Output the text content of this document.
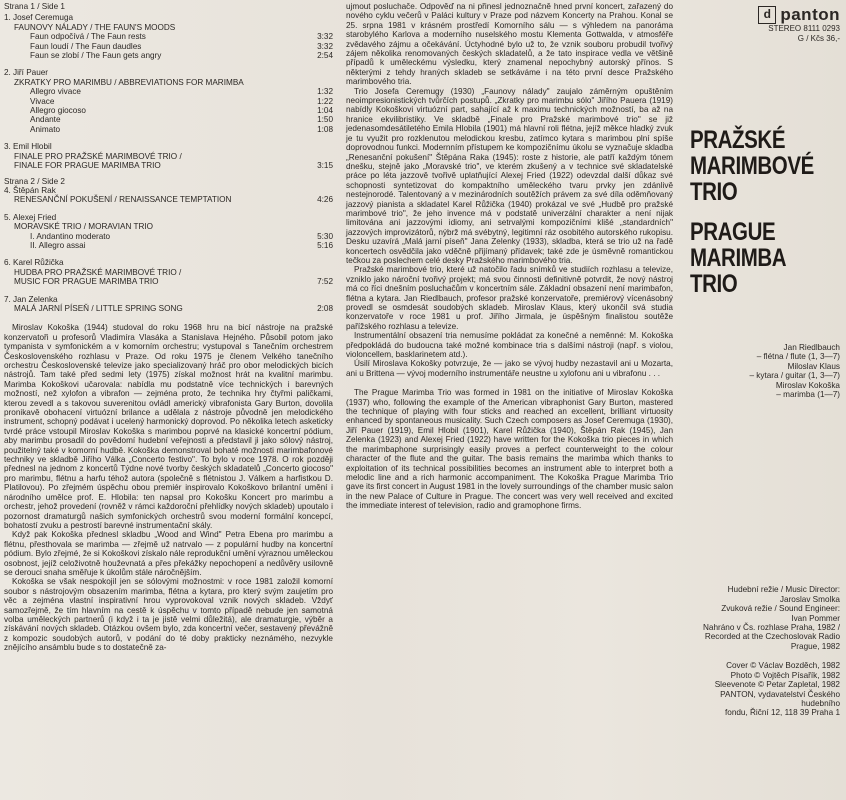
Strana 1 / Side 1
1. Josef Ceremuga
FAUNOVY NÁLADY / THE FAUN'S MOODS
Faun odpočívá / The Faun rests	3:32
Faun loudí / The Faun daudles	3:32
Faun se zlobí / The Faun gets angry	2:54
2. Jiří Pauer
ZKRATKY PRO MARIMBU / ABBREVIATIONS FOR MARIMBA
Allegro vivace	1:32
Vivace	1:22
Allegro giocoso	1:04
Andante	1:50
Animato	1:08
3. Emil Hlobil
FINALE PRO PRAŽSKÉ MARIMBOVÉ TRIO /
FINALE FOR PRAGUE MARIMBA TRIO	3:15
Strana 2 / Side 2
4. Štěpán Rak
RENESANČNÍ POKUŠENÍ / RENAISSANCE TEMPTATION	4:26
5. Alexej Fried
MORAVSKÉ TRIO / MORAVIAN TRIO
I. Andantino moderato	5:30
II. Allegro assai	5:16
6. Karel Růžička
HUDBA PRO PRAŽSKÉ MARIMBOVÉ TRIO /
MUSIC FOR PRAGUE MARIMBA TRIO	7:52
7. Jan Zelenka
MALÁ JARNÍ PÍSEŇ / LITTLE SPRING SONG	2:08

Miroslav Kokoška (1944) studoval do roku 1968 hru na bicí nástroje na pražské konzervatoři u profesorů Vladimíra Vlasáka a Stanislava Hejného. Působil potom jako tympanista v symfonickém a v komorním orchestru; vystupoval s Tanečním orchestrem Československého rozhlasu v Praze. Od roku 1975 je členem Velkého tanečního orchestru Československé televize jako specializovaný hráč pro obor melodických bicích nástrojů. Tam také před sedmi lety (1975) získal možnost hrát na kvalitní marimbu. Marimba Kokoškovi učarovala: nabídla mu podstatně více technických i barevných možností, než xylofon a vibrafon — zejména proto, že technika hry čtyřmi paličkami, kterou zevedl a s takovou suverenitou ovládl americký vibrafonista Gary Burton, dovolila pronikavě obohacení virtuózní brilance a udělala z nástroje původně jen melodického instrument, schopný podávat i ucelený harmonický doprovod. Po několika letech asketicky tvrdé práce vstoupil Miroslav Kokoška s marimbou poprvé na klasické koncertní pódium, aby marimbu prosadil do povědomí hudební veřejnosti a představil ji jako sólový nástroj, použitelný také v komorní hudbě. Kokoška demonstroval bohaté možnosti marimbafonové techniky ve skladbě Jiřího Válka „Concerto festivo". To bylo v roce 1978. O rok později přednesl na jednom z koncertů Týdne nové tvorby českých skladatelů „Concerto giocoso" pro marimbu, flétnu a harfu téhož autora (společně s flétnistou J. Válkem a harfistkou D. Platilovou). Po zřejmém úspěchu obou premiér inspirovalo Kokoškovo brilantní umění i národního umělce prof. E. Hlobila: ten napsal pro Kokošku Koncert pro marimbu a orchestr, jehož provedení (rovněž v rámci každoroční přehlídky nových skladeb) upoutalo i pozornost dramaturgů našich symfonických orchestrů svou moderní formální koncepcí, bohatostí zvuku a pestrostí barevné instrumentační skály.

Když pak Kokoška přednesl skladbu „Wood and Wind" Petra Ebena pro marimbu a flétnu, přesthovala se marimba — zřejmě už natrvalo — z populární hudby na koncertní pódium. Bylo zřejmé, že si Kokoškovi získalo nále reprodukční umění výraznou uměleckou osobnost, jejíž celoživotně houževnatá a přes překážky nepochopení a nedůvěry usilovně se derouci snaha směřuje k úkolům stále náročnějším.

Kokoška se však nespokojil jen se sólovými možnostmi: v roce 1981 založil komorní soubor s nástrojovým obsazením marimba, flétna a kytara, pro který svým zaujetím pro věc a zejména vlastní inspirativní hrou vyprovokoval vznik nových skladeb. Vždyť samozřejmě, že tím hlavním na cestě k úspěchu v tomto případě nebude jen samotná volba uměleckých partnerů (i když i ta je jistě velmi důležitá), ale dramaturgie, výběr a získávání nových skladeb. Otázkou ovšem bylo, zda koncertní večer, sestavený převážně z kompozic soudobých autorů, v podání do té doby prakticky neznámého, nezvykle znějícího ansámblu bude s to dostatečně za-

ujmout posluchače. Odpověď na ni přinesl jednoznačně hned první koncert, zařazený do nového cyklu večerů v Paláci kultury v Praze pod názvem Koncerty na Prahou. Konal se 25. srpna 1981 v krásném prostředí Komorního sálu — s výhledem na panoráma starobylého Karlova a moderního nuselského mostu Klementa Gottwalda, v atmosféře zvědavého zájmu a očekávání. Úctyhodné bylo už to, že vznik souboru probudil tvořivý zájem několika renomovaných českých skladatelů, a že tato inspirace vedla ve většině případů k uměleckému výsledku, který znamenal nepochybný autorský přínos. S některými z tehdy hraných skladeb se setkáváme i na této první desce Pražského marimbového tria.

Trio Josefa Ceremugy (1930) „Faunovy nálady" zaujalo záměrným opuštěním neoimpresionistických tvůrčích postupů. „Zkratky pro marimbu sólo" Jiřího Pauera (1919) nabídly Kokoškovi virtuózní part, sahající až k maximu technických možností, ba až na hranice ekvilibristiky. Ve skladbě „Finale pro Pražské marimbové trio" se již jedenasomdesátiletého Emila Hlobila (1901) má hlavní roli flétna, jejíž měkce hladký zvuk je tu využit pro rozklenutou melodickou kresbu, zatímco kytara s marimbou plní spíše doprovodnou funkci. Modernním přístupem ke kompozičnímu úkolu se vyznačuje skladba „Renesanční pokušení" Štěpána Raka (1945): roste z historie, ale patří každým tónem dnešku, stejně jako „Moravské trio", ve kterém zkušený a v technice své skladatelské práce po léta jazzově tvořivě uplatňující Alexej Fried (1922) odevzdal další důkaz své schopnosti syntetizovat do kompaktního uměleckého tvaru prvky jen zdánlivě nestejnorodé. Talentovaný a v mezinárodních soutěžích právem za své díla oděmňovaný jazzový pianista a skladatel Karel Růžička (1940) prokázal ve své „Hudbě pro pražské marimbové trio", že jeho invence má v podstatě univerzální charakter a není nijak limitována ani jazzovými idiomy, ani setrvalými kompozičními klišé „standardních" jazzových improvizátorů, nýbrž má svébytný, legitimní ráz osobitého autorského rukopisu. Desku uzavírá „Malá jarní píseň" Jana Zelenky (1933), skladba, která se trio už na řadě koncertech osvědčila jako vděčně přijímaný přídavek; také zde je úsměvně romantickou tečkou za poslechem celé desky Pražského marimbového tria.

Pražské marimbové trio, které už natočilo řadu snímků ve studiích rozhlasu a televize, vzniklo jako nároční tvořivý projekt; má svou činnosti definitivně potvrdit, že nový nástroj má co říci dnešním posluchačům v koncertním sále. Základní obsazení není marimbafon, flétna a kytara. Jan Riedlbauch, profesor pražské konzervatoře, premiérový vícenásobný provedl se osmdesát soudobých skladeb. Miroslav Klaus, který ukončil svá studia konzervatoře v roce 1981 u prof. Jiřího Jirmala, je úspěšným finalistou soutěže pařížského rozhlasu a televize.

Instrumentální obsazení tria nemusíme pokládat za konečné a neměnné: M. Kokoška předpokládá do budoucna také možné kombinace tria s dalšími nástroji (např. s violou, violoncellem, basklarinetem atd.).

Úsilí Miroslava Kokošky potvrzuje, že — jako se vývoj hudby nezastavil ani u Mozarta, ani u Brittena — vývoj moderního instrumentáře neustne u xylofonu ani u vibrafonu . . .

The Prague Marimba Trio was formed in 1981 on the initiative of Miroslav Kokoška (1937) who, following the example of the American vibraphonist Gary Burton, mastered the technique of playing with four sticks and reached an excellent, brilliant virtuosity enhanced by spontaneous musicality. Such Czech composers as Josef Ceremuga (1930), Jiří Pauer (1919), Emil Hlobil (1901), Karel Růžička (1940), Štěpán Rak (1945), Jan Zelenka (1923) and Alexej Fried (1922) have written for the Kokoška trio pieces in which the marimbaphone surprisingly easily proves a perfect counterweight to the colour character of the flute and the guitar. The basis remains the marimba which thanks to exploitation of its technical possibilities becomes an instrument able to interpret both a melodic line and a rich harmonic accompaniment. The Kokoška Prague Marimba Trio gave its first concert in August 1981 in the lovely surroundings of the chamber music salon in the new Palace of Culture in Prague. The concert was very well received and excited the immediate interest of television, radio and gramophone firms.

d panton
STEREO 8111 0293
G / Kčs 36,-
PRAŽSKÉ
MARIMBOVÉ
TRIO
PRAGUE
MARIMBA
TRIO
Jan Riedlbauch
– flétna / flute (1, 3—7)
Miloslav Klaus
– kytara / guitar (1, 3—7)
Miroslav Kokoška
– marimba (1—7)
Hudební režie / Music Director:
Jaroslav Smolka
Zvuková režie / Sound Engineer:
Ivan Pommer
Nahráno v Čs. rozhlase Praha, 1982 /
Recorded at the Czechoslovak Radio
Prague, 1982
Cover © Václav Bozděch, 1982
Photo © Vojtěch Písařík, 1982
Sleevenote © Petar Zapletal, 1982
PANTON, vydavatelství Českého hudebního
fondu, Řiční 12, 118 39 Praha 1
